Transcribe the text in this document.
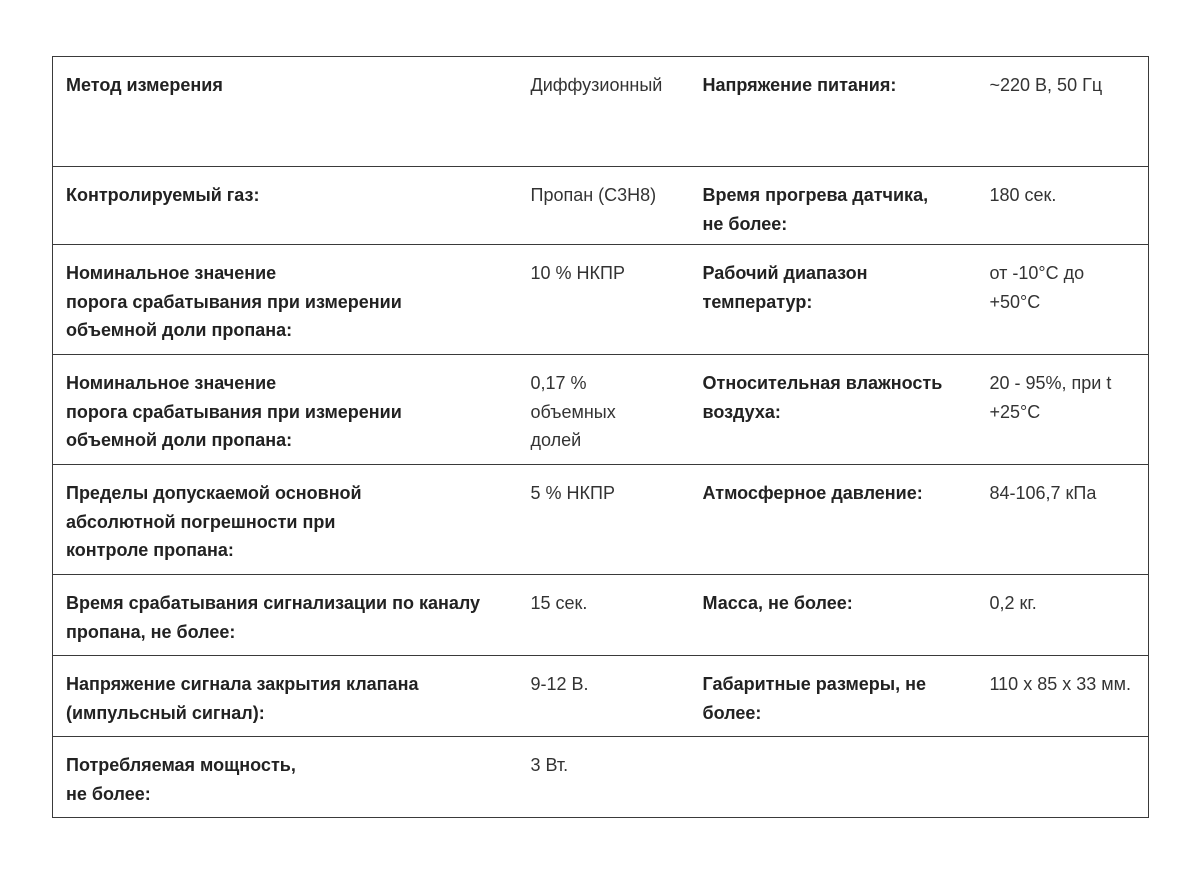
Метод измерения	Диффузионный	Напряжение питания:	~220 В, 50 Гц

Контролируемый газ:	Пропан (С3Н8)	Время прогрева датчика,
не более:	180 сек.

Номинальное значение
порога срабатывания при измерении
объемной доли пропана:	10 % НКПР	Рабочий диапазон
температур:	от -10°С до
+50°С

Номинальное значение
порога срабатывания при измерении
объемной доли пропана:	0,17 %
объемных
долей	Относительная влажность
воздуха:	20 - 95%, при t
+25°С

Пределы допускаемой основной
абсолютной погрешности при
контроле пропана:	5 % НКПР	Атмосферное давление:	84-106,7 кПа

Время срабатывания сигнализации по каналу
пропана, не более:	15 сек.	Масса, не более:	0,2 кг.

Напряжение сигнала закрытия клапана
(импульсный сигнал):	9-12 В.	Габаритные размеры, не
более:	110 х 85 х 33 мм.

Потребляемая мощность,
не более:	3 Вт.		
